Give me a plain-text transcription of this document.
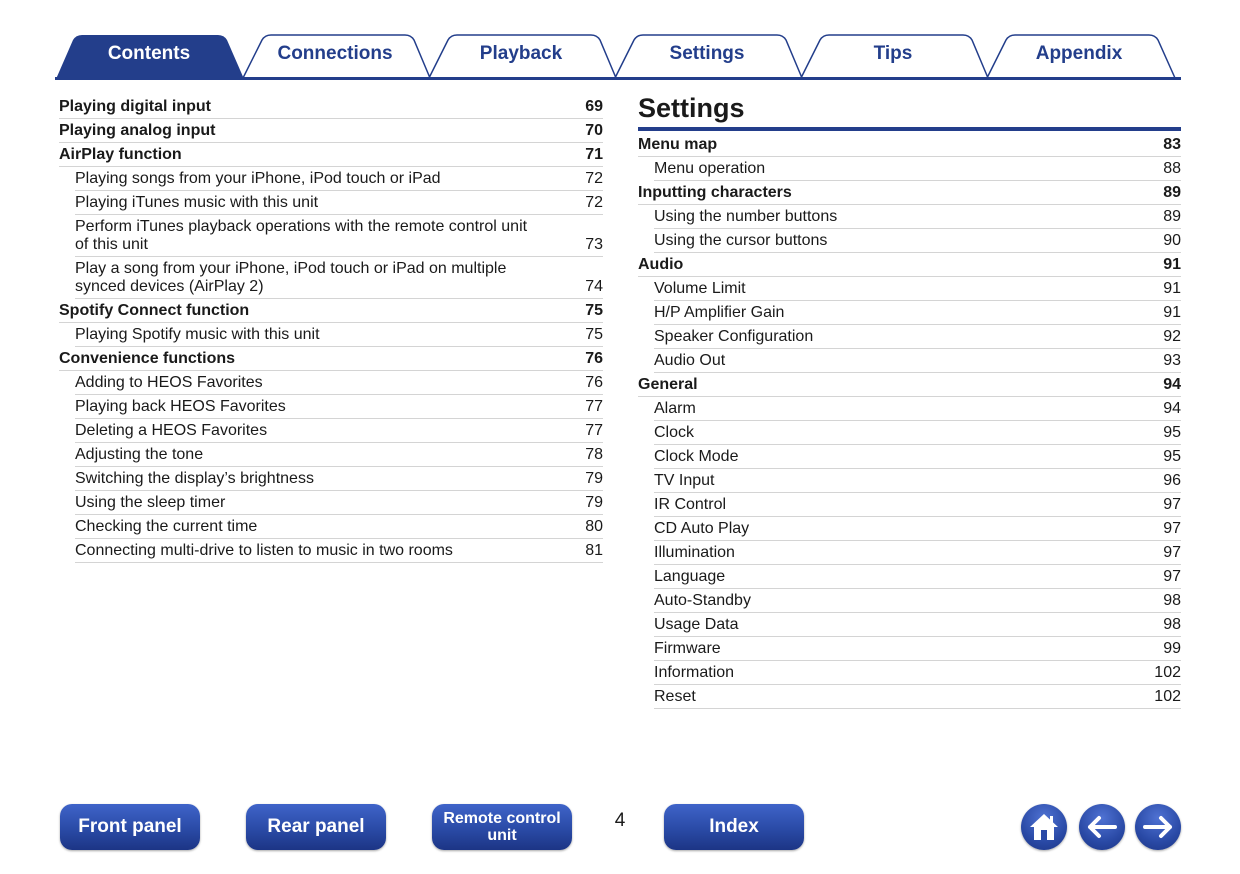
Contents	Connections	Playback	Settings	Tips	Appendix
Playing digital input	69
Playing analog input	70
AirPlay function	71
Playing songs from your iPhone, iPod touch or iPad	72
Playing iTunes music with this unit	72
Perform iTunes playback operations with the remote control unit
of this unit	73
Play a song from your iPhone, iPod touch or iPad on multiple
synced devices (AirPlay 2)	74
Spotify Connect function	75
Playing Spotify music with this unit	75
Convenience functions	76
Adding to HEOS Favorites	76
Playing back HEOS Favorites	77
Deleting a HEOS Favorites	77
Adjusting the tone	78
Switching the display’s brightness	79
Using the sleep timer	79
Checking the current time	80
Connecting multi-drive to listen to music in two rooms	81
Settings
Menu map	83
Menu operation	88
Inputting characters	89
Using the number buttons	89
Using the cursor buttons	90
Audio	91
Volume Limit	91
H/P Amplifier Gain	91
Speaker Configuration	92
Audio Out	93
General	94
Alarm	94
Clock	95
Clock Mode	95
TV Input	96
IR Control	97
CD Auto Play	97
Illumination	97
Language	97
Auto-Standby	98
Usage Data	98
Firmware	99
Information	102
Reset	102
Front panel	Rear panel	Remote control
unit
4	Index
